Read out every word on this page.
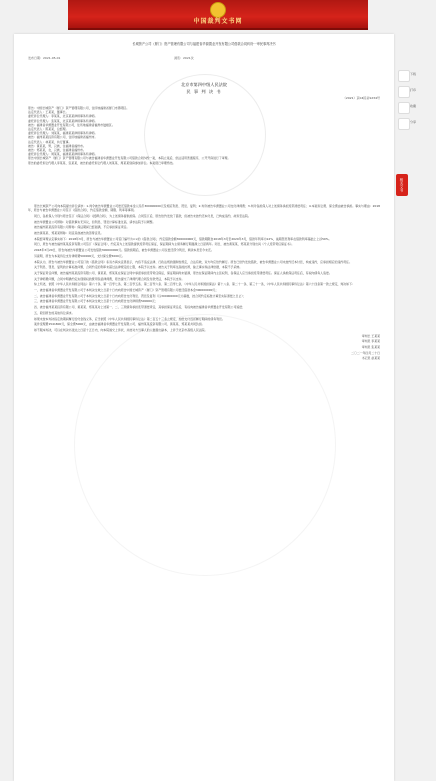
中国裁判文书网
长城资产公司（厦门）资产管理有限公司与福建省华源置业开发有限公司借款合同纠纷一审民事判决书
发布日期：2021-05-01	浏览：2021次
北京市第四中级人民法院
民 事 判 决 书
（2021）京04民初1234号
原告：中国长城资产（厦门）资产管理有限公司，住所地福建省厦门市思明区。
法定代表人：王某某，董事长。
委托诉讼代理人：李某某，北京某某律师事务所律师。
委托诉讼代理人：张某某，北京某某律师事务所律师。
被告：福建省华源置业开发有限公司，住所地福建省福州市鼓楼区。
法定代表人：陈某某，总经理。
委托诉讼代理人：刘某某，福建某某律师事务所律师。
被告：福州某某投资有限公司，住所地福建省福州市。
法定代表人：林某某，执行董事。
被告：黄某某，男，汉族，住福建省福州市。
被告：郑某某，女，汉族，住福建省福州市。
委托诉讼代理人：周某某，福建某某律师事务所律师。
原告中国长城资产（厦门）资产管理有限公司与被告福建省华源置业开发有限公司借款合同纠纷一案，本院立案后，依法适用普通程序，公开开庭进行了审理。
原告的委托诉讼代理人李某某、张某某，被告的委托诉讼代理人刘某某、周某某到庭参加诉讼。本案现已审理终结。

原告长城资产公司向本院提出诉讼请求：1.判令被告华源置业公司偿还借款本金人民币300000000元及相应利息、罚息、复利；2.判令被告华源置业公司支付律师费；3.判令各担保人对上述债务承担连带清偿责任；4.本案诉讼费、保全费由被告承担。事实与理由：2018年，原告与被告华源置业公司签订《借款合同》，约定借款金额、期限、利率等事项。

同日，各担保人分别与原告签订《保证合同》《抵押合同》，为上述债务提供担保。合同签订后，原告依约发放了借款，但被告未按约还本付息，已构成违约，故诉至法院。

被告华源置业公司辩称：对借款事实无异议，但利息、罚息计算标准过高，请求法院予以调整。

被告福州某某投资有限公司辩称：保证期间已经届满，不应承担保证责任。

被告黄某某、郑某某辩称：同意其他被告的答辩意见。

本院经审理认定事实如下：2018年3月，原告与被告华源置业公司签订编号为××的《借款合同》，约定借款金额300000000元，借款期限自2018年3月至2020年3月，借款年利率为12%，逾期罚息利率在借款利率基础上上浮50%。

同日，原告与被告福州某某投资有限公司签订《保证合同》，约定其为上述借款提供连带责任保证，保证期间为主债务履行期届满之日起两年。同日，被告黄某某、郑某某分别出具《个人连带责任保证书》。

2018年3月20日，原告向被告华源置业公司发放借款300000000元。借款到期后，被告华源置业公司仅偿还部分利息，剩余本息至今未还。

另查明，原告为本案诉讼支付律师费500000元，支付保全费5000元。

本院认为，原告与被告华源置业公司签订的《借款合同》系双方真实意思表示，内容不违反法律、行政法规的强制性规定，合法有效，双方均应依约履行。原告已依约发放借款，被告华源置业公司未按约还本付息，构成违约，应承担相应的违约责任。

关于利息、罚息、复利的计算标准问题，合同约定的利率未超过法律规定的上限，本院予以支持。被告关于利率过高的抗辩，缺乏事实和法律依据，本院不予采纳。

关于保证责任问题，被告福州某某投资有限公司、黄某某、郑某某在保证合同中承诺承担连带责任保证，保证期间尚未届满，原告在保证期间内主张权利，各保证人应当承担连带清偿责任。保证人承担保证责任后，有权向债务人追偿。

关于律师费问题，合同中明确约定实现债权的费用包括律师费，原告提交了律师代理合同及付款凭证，本院予以支持。

综上所述，依照《中华人民共和国合同法》第六十条、第一百零七条、第二百零五条、第二百零六条、第二百零七条，《中华人民共和国担保法》第十八条、第二十一条、第三十一条，《中华人民共和国民事诉讼法》第六十四条第一款之规定，判决如下：

一、被告福建省华源置业开发有限公司于本判决生效之日起十日内向原告中国长城资产（厦门）资产管理有限公司偿还借款本金300000000元；

二、被告福建省华源置业开发有限公司于本判决生效之日起十日内向原告支付利息、罚息及复利（以300000000元为基数，按合同约定标准计算至实际清偿之日止）；

三、被告福建省华源置业开发有限公司于本判决生效之日起十日内向原告支付律师费500000元；

四、被告福州某某投资有限公司、黄某某、郑某某对上述第一、二、三项债务承担连带清偿责任，其承担保证责任后，有权向被告福建省华源置业开发有限公司追偿；

五、驳回原告的其他诉讼请求。

如果未按本判决指定的期间履行给付金钱义务，应当依照《中华人民共和国民事诉讼法》第二百五十三条之规定，加倍支付迟延履行期间的债务利息。

案件受理费1541800元，保全费5000元，由被告福建省华源置业开发有限公司、福州某某投资有限公司、黄某某、郑某某共同负担。

如不服本判决，可以在判决书送达之日起十五日内，向本院递交上诉状，并按对方当事人的人数提出副本，上诉于北京市高级人民法院。

审判长 王某某

审判员 李某某

审判员 张某某

二〇二一年四月二十日

书记员 赵某某

下载
打印
收藏
分享
相关文书
